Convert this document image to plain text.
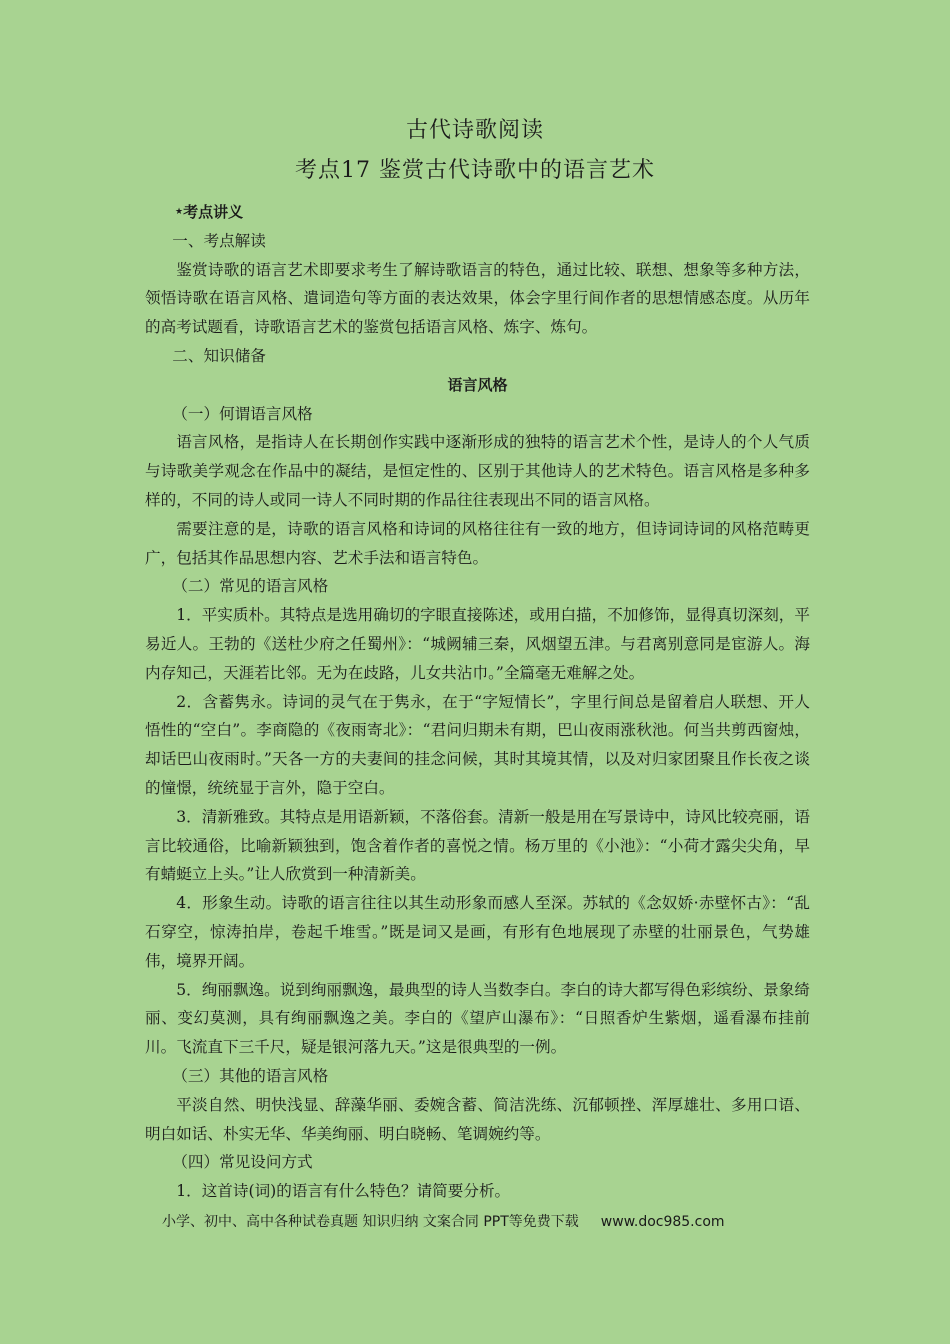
古代诗歌阅读
考点17 鉴赏古代诗歌中的语言艺术

★考点讲义

一、考点解读

鉴赏诗歌的语言艺术即要求考生了解诗歌语言的特色，通过比较、联想、想象等多种方法，领悟诗歌在语言风格、遣词造句等方面的表达效果，体会字里行间作者的思想情感态度。从历年的高考试题看，诗歌语言艺术的鉴赏包括语言风格、炼字、炼句。

二、知识储备

语言风格

（一）何谓语言风格

语言风格，是指诗人在长期创作实践中逐渐形成的独特的语言艺术个性，是诗人的个人气质与诗歌美学观念在作品中的凝结，是恒定性的、区别于其他诗人的艺术特色。语言风格是多种多样的，不同的诗人或同一诗人不同时期的作品往往表现出不同的语言风格。

需要注意的是，诗歌的语言风格和诗词的风格往往有一致的地方，但诗词诗词的风格范畴更广，包括其作品思想内容、艺术手法和语言特色。

（二）常见的语言风格

1．平实质朴。其特点是选用确切的字眼直接陈述，或用白描，不加修饰，显得真切深刻，平易近人。王勃的《送杜少府之任蜀州》：“城阙辅三秦，风烟望五津。与君离别意同是宦游人。海内存知己，天涯若比邻。无为在歧路，儿女共沾巾。”全篇毫无难解之处。

2．含蓄隽永。诗词的灵气在于隽永，在于“字短情长”，字里行间总是留着启人联想、开人悟性的“空白”。李商隐的《夜雨寄北》：“君问归期未有期，巴山夜雨涨秋池。何当共剪西窗烛，却话巴山夜雨时。”天各一方的夫妻间的挂念问候，其时其境其情，以及对归家团聚且作长夜之谈的憧憬，统统显于言外，隐于空白。

3．清新雅致。其特点是用语新颖，不落俗套。清新一般是用在写景诗中，诗风比较亮丽，语言比较通俗，比喻新颖独到，饱含着作者的喜悦之情。杨万里的《小池》：“小荷才露尖尖角，早有蜻蜓立上头。”让人欣赏到一种清新美。

4．形象生动。诗歌的语言往往以其生动形象而感人至深。苏轼的《念奴娇·赤壁怀古》：“乱石穿空，惊涛拍岸，卷起千堆雪。”既是词又是画，有形有色地展现了赤壁的壮丽景色，气势雄伟，境界开阔。

5．绚丽飘逸。说到绚丽飘逸，最典型的诗人当数李白。李白的诗大都写得色彩缤纷、景象绮丽、变幻莫测，具有绚丽飘逸之美。李白的《望庐山瀑布》：“日照香炉生紫烟，遥看瀑布挂前川。飞流直下三千尺，疑是银河落九天。”这是很典型的一例。

（三）其他的语言风格

平淡自然、明快浅显、辞藻华丽、委婉含蓄、简洁洗练、沉郁顿挫、浑厚雄壮、多用口语、明白如话、朴实无华、华美绚丽、明白晓畅、笔调婉约等。

（四）常见设问方式

1．这首诗(词)的语言有什么特色？请简要分析。

小学、初中、高中各种试卷真题 知识归纳 文案合同 PPT等免费下载 www.doc985.com
